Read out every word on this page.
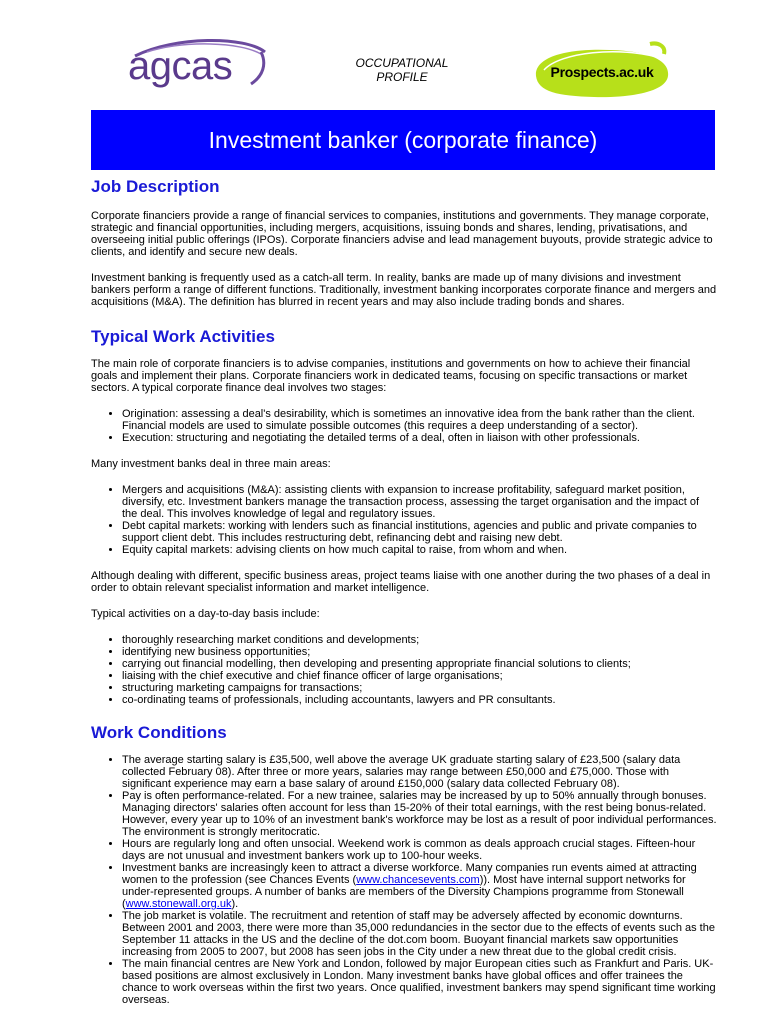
agcas	OCCUPATIONAL
PROFILE	Prospects.ac.uk
Investment banker (corporate finance)
Job Description

Corporate financiers provide a range of financial services to companies, institutions and governments. They manage corporate, strategic and financial opportunities, including mergers, acquisitions, issuing bonds and shares, lending, privatisations, and overseeing initial public offerings (IPOs). Corporate financiers advise and lead management buyouts, provide strategic advice to clients, and identify and secure new deals.

Investment banking is frequently used as a catch-all term. In reality, banks are made up of many divisions and investment bankers perform a range of different functions. Traditionally, investment banking incorporates corporate finance and mergers and acquisitions (M&A). The definition has blurred in recent years and may also include trading bonds and shares.

Typical Work Activities

The main role of corporate financiers is to advise companies, institutions and governments on how to achieve their financial goals and implement their plans. Corporate financiers work in dedicated teams, focusing on specific transactions or market sectors. A typical corporate finance deal involves two stages:

• Origination: assessing a deal's desirability, which is sometimes an innovative idea from the bank rather than the client. Financial models are used to simulate possible outcomes (this requires a deep understanding of a sector).
• Execution: structuring and negotiating the detailed terms of a deal, often in liaison with other professionals.

Many investment banks deal in three main areas:

• Mergers and acquisitions (M&A): assisting clients with expansion to increase profitability, safeguard market position, diversify, etc. Investment bankers manage the transaction process, assessing the target organisation and the impact of the deal. This involves knowledge of legal and regulatory issues.
• Debt capital markets: working with lenders such as financial institutions, agencies and public and private companies to support client debt. This includes restructuring debt, refinancing debt and raising new debt.
• Equity capital markets: advising clients on how much capital to raise, from whom and when.

Although dealing with different, specific business areas, project teams liaise with one another during the two phases of a deal in order to obtain relevant specialist information and market intelligence.

Typical activities on a day-to-day basis include:

• thoroughly researching market conditions and developments;
• identifying new business opportunities;
• carrying out financial modelling, then developing and presenting appropriate financial solutions to clients;
• liaising with the chief executive and chief finance officer of large organisations;
• structuring marketing campaigns for transactions;
• co-ordinating teams of professionals, including accountants, lawyers and PR consultants.
Work Conditions
• The average starting salary is £35,500, well above the average UK graduate starting salary of £23,500 (salary data collected February 08). After three or more years, salaries may range between £50,000 and £75,000. Those with significant experience may earn a base salary of around £150,000 (salary data collected February 08).
• Pay is often performance-related. For a new trainee, salaries may be increased by up to 50% annually through bonuses. Managing directors' salaries often account for less than 15-20% of their total earnings, with the rest being bonus-related. However, every year up to 10% of an investment bank's workforce may be lost as a result of poor individual performances. The environment is strongly meritocratic.
• Hours are regularly long and often unsocial. Weekend work is common as deals approach crucial stages. Fifteen-hour days are not unusual and investment bankers work up to 100-hour weeks.
• Investment banks are increasingly keen to attract a diverse workforce. Many companies run events aimed at attracting women to the profession (see Chances Events (www.chancesevents.com)). Most have internal support networks for under-represented groups. A number of banks are members of the Diversity Champions programme from Stonewall (www.stonewall.org.uk).
• The job market is volatile. The recruitment and retention of staff may be adversely affected by economic downturns. Between 2001 and 2003, there were more than 35,000 redundancies in the sector due to the effects of events such as the September 11 attacks in the US and the decline of the dot.com boom. Buoyant financial markets saw opportunities increasing from 2005 to 2007, but 2008 has seen jobs in the City under a new threat due to the global credit crisis.
• The main financial centres are New York and London, followed by major European cities such as Frankfurt and Paris. UK-based positions are almost exclusively in London. Many investment banks have global offices and offer trainees the chance to work overseas within the first two years. Once qualified, investment bankers may spend significant time working overseas.
